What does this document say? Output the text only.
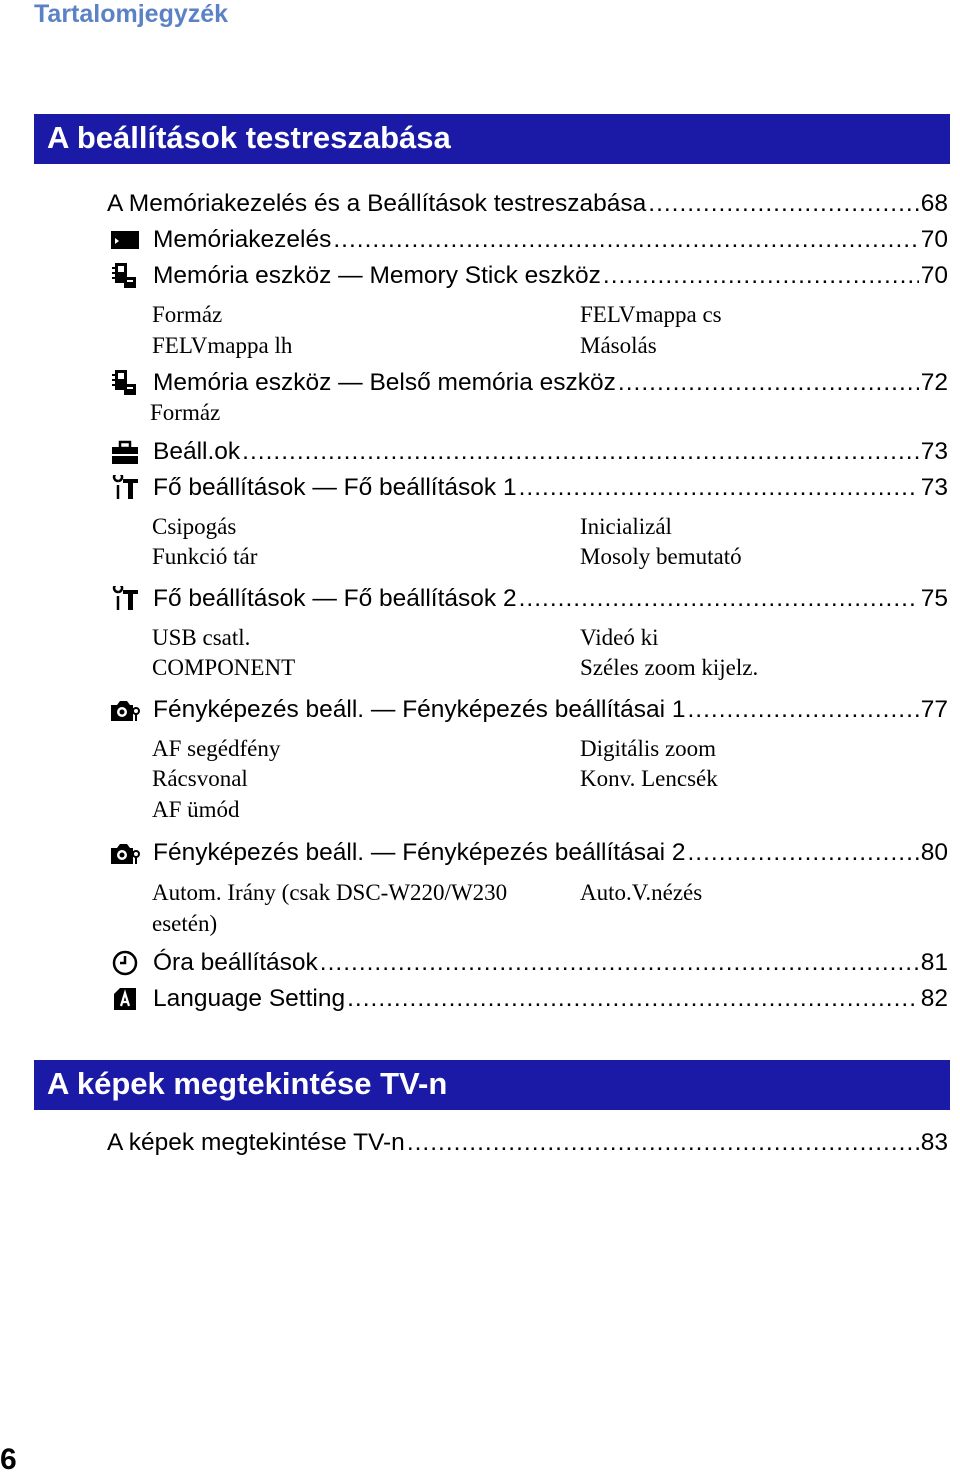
Tartalomjegyzék
A beállítások testreszabása
A Memóriakezelés és a Beállítások testreszabása .....	68
Memóriakezelés .....	70
Memória eszköz — Memory Stick eszköz .....	70
Formáz	FELVmappa cs
FELVmappa lh	Másolás
Memória eszköz — Belső memória eszköz .....	72
Formáz
Beáll.ok .....	73
Fő beállítások — Fő beállítások 1 .....	73
Csipogás	Inicializál
Funkció tár	Mosoly bemutató
Fő beállítások — Fő beállítások 2 .....	75
USB csatl.	Videó ki
COMPONENT	Széles zoom kijelz.
Fényképezés beáll. — Fényképezés beállításai 1 .....	77
AF segédfény	Digitális zoom
Rácsvonal	Konv. Lencsék
AF ümód
Fényképezés beáll. — Fényképezés beállításai 2 .....	80
Autom. Irány (csak DSC-W220/W230	Auto.V.nézés
esetén)
Óra beállítások .....	81
Language Setting .....	82
A képek megtekintése TV-n
A képek megtekintése TV-n .....	83
6
